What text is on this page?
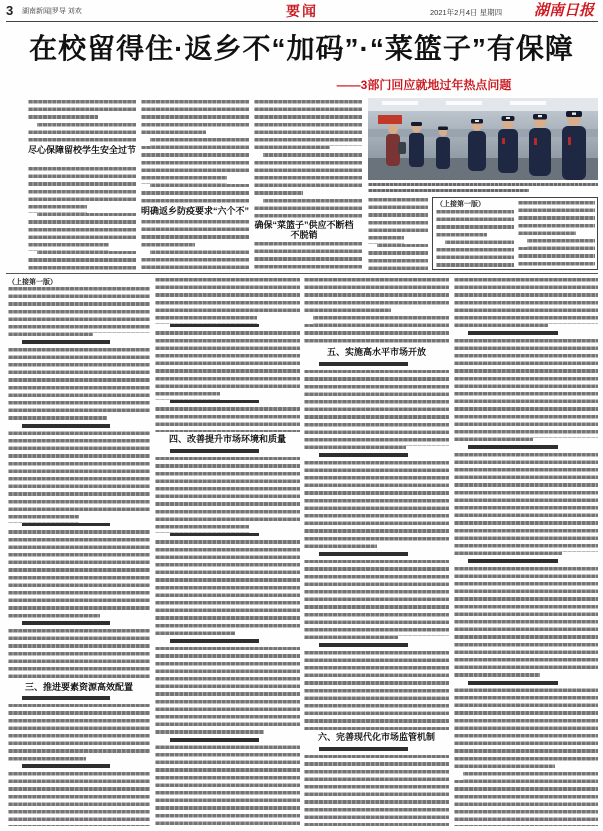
3 湖南新闻|罗导 刘欢	要闻	2021年2月4日 星期四 湖南日报
在校留得住·返乡不“加码”·“菜篮子”有保障
——3部门回应就地过年热点问题
尽心保障留校学生安全过节
明确返乡防疫要求“六个不”
确保“菜篮子”供应不断档不脱销
（上接第一版）
（上接第一版）
三、推进要素资源高效配置
四、改善提升市场环境和质量
五、实施高水平市场开放
六、完善现代化市场监管机制
